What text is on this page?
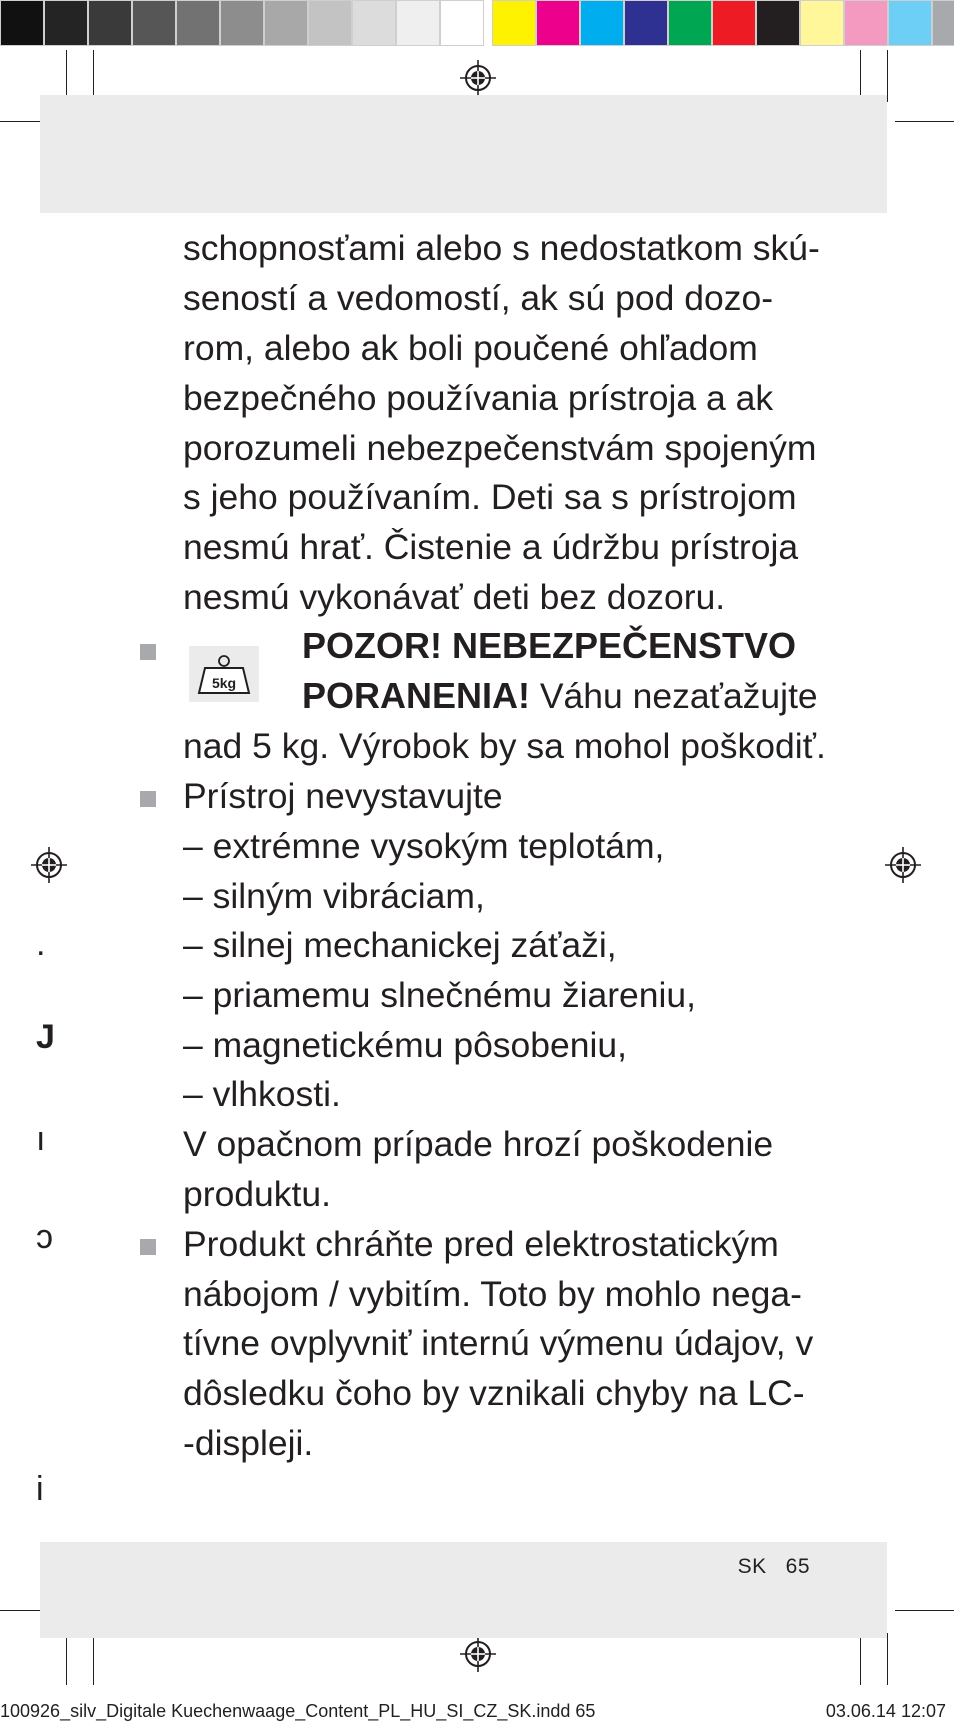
schopnosťami alebo s nedostatkom skú-
seností a vedomostí, ak sú pod dozo-
rom, alebo ak boli poučené ohľadom
bezpečného používania prístroja a ak
porozumeli nebezpečenstvám spojeným
s jeho používaním. Deti sa s prístrojom
nesmú hrať. Čistenie a údržbu prístroja
nesmú vykonávať deti bez dozoru.
5kg
POZOR! NEBEZPEČENSTVO
PORANENIA! Váhu nezaťažujte
nad 5 kg. Výrobok by sa mohol poškodiť.
Prístroj nevystavujte
– extrémne vysokým teplotám,
– silným vibráciam,
– silnej mechanickej záťaži,
– priamemu slnečnému žiareniu,
– magnetickému pôsobeniu,
– vlhkosti.
V opačnom prípade hrozí poškodenie
produktu.
Produkt chráňte pred elektrostatickým
nábojom / vybitím. Toto by mohlo nega-
tívne ovplyvniť internú výmenu údajov, v
dôsledku čoho by vznikali chyby na LC-
-displeji.
.
J
ı
ɔ
i
SK 65
100926_silv_Digitale Kuechenwaage_Content_PL_HU_SI_CZ_SK.indd 65	03.06.14 12:07
